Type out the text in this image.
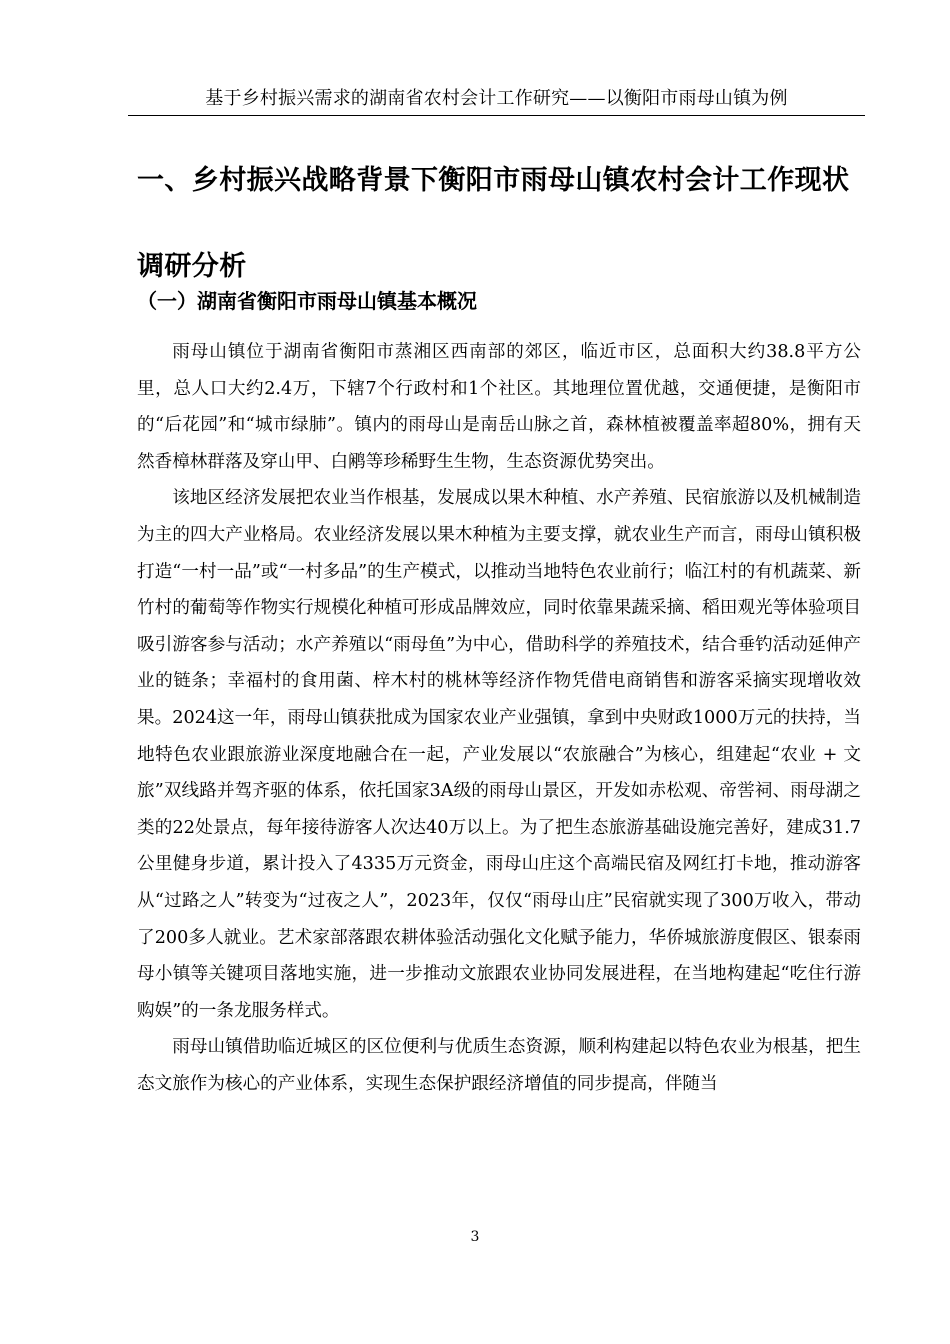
基于乡村振兴需求的湖南省农村会计工作研究——以衡阳市雨母山镇为例
一、乡村振兴战略背景下衡阳市雨母山镇农村会计工作现状调研分析
（一）湖南省衡阳市雨母山镇基本概况

雨母山镇位于湖南省衡阳市蒸湘区西南部的郊区，临近市区，总面积大约38.8平方公里，总人口大约2.4万，下辖7个行政村和1个社区。其地理位置优越，交通便捷，是衡阳市的“后花园”和“城市绿肺”。镇内的雨母山是南岳山脉之首，森林植被覆盖率超80%，拥有天然香樟林群落及穿山甲、白鹇等珍稀野生生物，生态资源优势突出。

该地区经济发展把农业当作根基，发展成以果木种植、水产养殖、民宿旅游以及机械制造为主的四大产业格局。农业经济发展以果木种植为主要支撑，就农业生产而言，雨母山镇积极打造“一村一品”或“一村多品”的生产模式，以推动当地特色农业前行；临江村的有机蔬菜、新竹村的葡萄等作物实行规模化种植可形成品牌效应，同时依靠果蔬采摘、稻田观光等体验项目吸引游客参与活动；水产养殖以“雨母鱼”为中心，借助科学的养殖技术，结合垂钓活动延伸产业的链条；幸福村的食用菌、梓木村的桃林等经济作物凭借电商销售和游客采摘实现增收效果。2024这一年，雨母山镇获批成为国家农业产业强镇，拿到中央财政1000万元的扶持，当地特色农业跟旅游业深度地融合在一起，产业发展以“农旅融合”为核心，组建起“农业 + 文旅”双线路并驾齐驱的体系，依托国家3A级的雨母山景区，开发如赤松观、帝喾祠、雨母湖之类的22处景点，每年接待游客人次达40万以上。为了把生态旅游基础设施完善好，建成31.7公里健身步道，累计投入了4335万元资金，雨母山庄这个高端民宿及网红打卡地，推动游客从“过路之人”转变为“过夜之人”，2023年，仅仅“雨母山庄”民宿就实现了300万收入，带动了200多人就业。艺术家部落跟农耕体验活动强化文化赋予能力，华侨城旅游度假区、银泰雨母小镇等关键项目落地实施，进一步推动文旅跟农业协同发展进程，在当地构建起“吃住行游购娱”的一条龙服务样式。

雨母山镇借助临近城区的区位便利与优质生态资源，顺利构建起以特色农业为根基，把生态文旅作为核心的产业体系，实现生态保护跟经济增值的同步提高，伴随当

3
